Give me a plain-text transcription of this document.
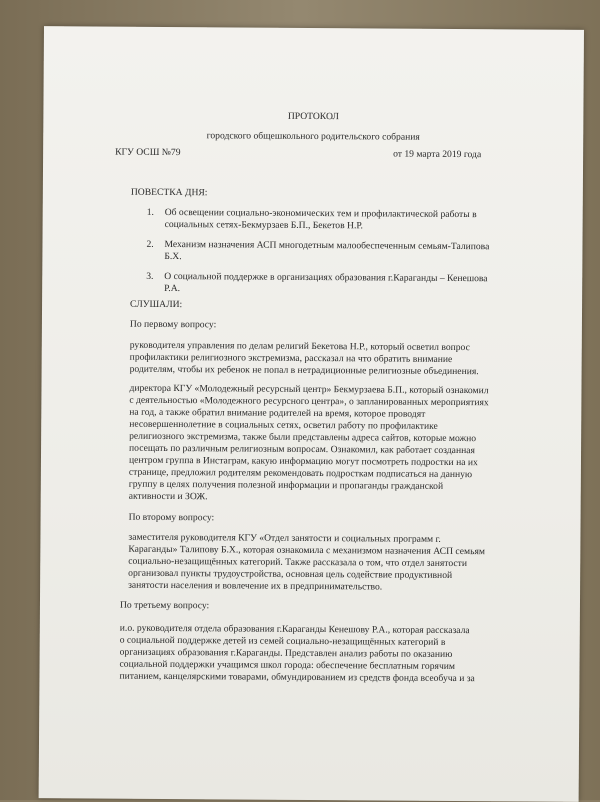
ПРОТОКОЛ
городского общешкольного родительского собрания
КГУ ОСШ №79	от 19 марта 2019 года
ПОВЕСТКА ДНЯ:
1. Об освещении социально-экономических тем и профилактической работы в
социальных сетях-Бекмурзаев Б.П., Бекетов Н.Р.
2. Механизм назначения АСП многодетным малообеспеченным семьям-Талипова
Б.Х.
3. О социальной поддержке в организациях образования г.Караганды – Кенешова
Р.А.
СЛУШАЛИ:
По первому вопросу:
руководителя управления по делам религий Бекетова Н.Р., который осветил вопрос
профилактики религиозного экстремизма, рассказал на что обратить внимание
родителям, чтобы их ребенок не попал в нетрадиционные религиозные объединения.
директора КГУ «Молодежный ресурсный центр» Бекмурзаева Б.П., который ознакомил
с деятельностью «Молодежного ресурсного центра», о запланированных мероприятиях
на год, а также обратил внимание родителей на время, которое проводят
несовершеннолетние в социальных сетях, осветил работу по профилактике
религиозного экстремизма, также были представлены адреса сайтов, которые можно
посещать по различным религиозным вопросам. Ознакомил, как работает созданная
центром группа в Инстаграм, какую информацию могут посмотреть подростки на их
странице, предложил родителям рекомендовать подросткам подписаться на данную
группу в целях получения полезной информации и пропаганды гражданской
активности и ЗОЖ.
По второму вопросу:
заместителя руководителя КГУ «Отдел занятости и социальных программ г.
Караганды» Талипову Б.Х., которая ознакомила с механизмом назначения АСП семьям
социально-незащищённых категорий. Также рассказала о том, что отдел занятости
организовал пункты трудоустройства, основная цель содействие продуктивной
занятости населения и вовлечение их в предпринимательство.
По третьему вопросу:
и.о. руководителя отдела образования г.Караганды Кенешову Р.А., которая рассказала
о социальной поддержке детей из семей социально-незащищённых категорий в
организациях образования г.Караганды. Представлен анализ работы по оказанию
социальной поддержки учащимся школ города: обеспечение бесплатным горячим
питанием, канцелярскими товарами, обмундированием из средств фонда всеобуча и за
